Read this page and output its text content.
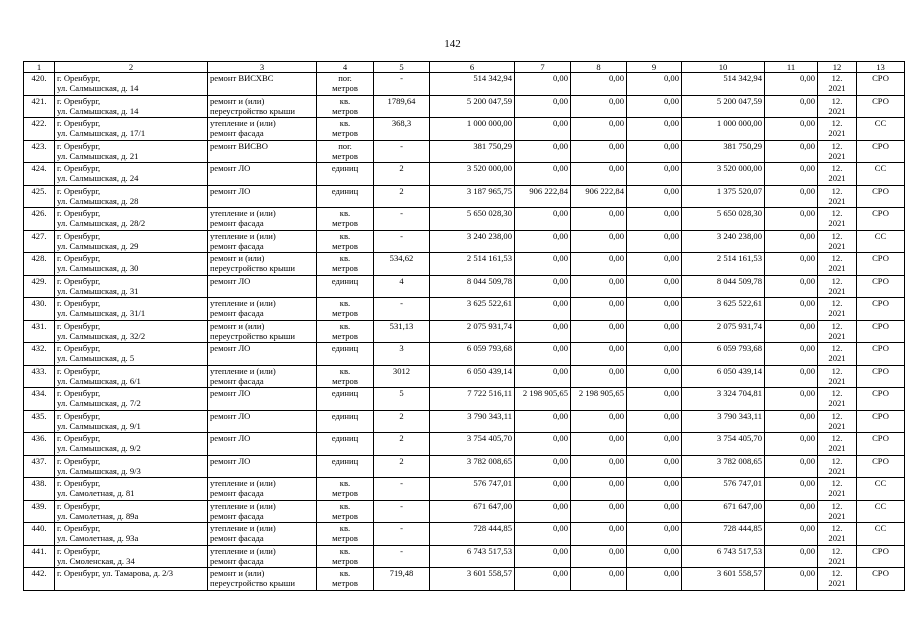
142
1	2	3	4	5	6	7	8	9	10	11	12	13

420.	г. Оренбург,
ул. Салмышская, д. 14	ремонт ВИСХВС	пог.
метров	-	514 342,94	0,00	0,00	0,00	514 342,94	0,00	12.
2021	СРО

421.	г. Оренбург,
ул. Салмышская, д. 14	ремонт и (или)
переустройство крыши	кв.
метров	1789,64	5 200 047,59	0,00	0,00	0,00	5 200 047,59	0,00	12.
2021	СРО

422.	г. Оренбург,
ул. Салмышская, д. 17/1	утепление и (или)
ремонт фасада	кв.
метров	368,3	1 000 000,00	0,00	0,00	0,00	1 000 000,00	0,00	12.
2021	СС

423.	г. Оренбург,
ул. Салмышская, д. 21	ремонт ВИСВО	пог.
метров	-	381 750,29	0,00	0,00	0,00	381 750,29	0,00	12.
2021	СРО

424.	г. Оренбург,
ул. Салмышская, д. 24	ремонт ЛО	единиц	2	3 520 000,00	0,00	0,00	0,00	3 520 000,00	0,00	12.
2021	СС

425.	г. Оренбург,
ул. Салмышская, д. 28	ремонт ЛО	единиц	2	3 187 965,75	906 222,84	906 222,84	0,00	1 375 520,07	0,00	12.
2021	СРО

426.	г. Оренбург,
ул. Салмышская, д. 28/2	утепление и (или)
ремонт фасада	кв.
метров	-	5 650 028,30	0,00	0,00	0,00	5 650 028,30	0,00	12.
2021	СРО

427.	г. Оренбург,
ул. Салмышская, д. 29	утепление и (или)
ремонт фасада	кв.
метров	-	3 240 238,00	0,00	0,00	0,00	3 240 238,00	0,00	12.
2021	СС

428.	г. Оренбург,
ул. Салмышская, д. 30	ремонт и (или)
переустройство крыши	кв.
метров	534,62	2 514 161,53	0,00	0,00	0,00	2 514 161,53	0,00	12.
2021	СРО

429.	г. Оренбург,
ул. Салмышская, д. 31	ремонт ЛО	единиц	4	8 044 509,78	0,00	0,00	0,00	8 044 509,78	0,00	12.
2021	СРО

430.	г. Оренбург,
ул. Салмышская, д. 31/1	утепление и (или)
ремонт фасада	кв.
метров	-	3 625 522,61	0,00	0,00	0,00	3 625 522,61	0,00	12.
2021	СРО

431.	г. Оренбург,
ул. Салмышская, д. 32/2	ремонт и (или)
переустройство крыши	кв.
метров	531,13	2 075 931,74	0,00	0,00	0,00	2 075 931,74	0,00	12.
2021	СРО

432.	г. Оренбург,
ул. Салмышская, д. 5	ремонт ЛО	единиц	3	6 059 793,68	0,00	0,00	0,00	6 059 793,68	0,00	12.
2021	СРО

433.	г. Оренбург,
ул. Салмышская, д. 6/1	утепление и (или)
ремонт фасада	кв.
метров	3012	6 050 439,14	0,00	0,00	0,00	6 050 439,14	0,00	12.
2021	СРО

434.	г. Оренбург,
ул. Салмышская, д. 7/2	ремонт ЛО	единиц	5	7 722 516,11	2 198 905,65	2 198 905,65	0,00	3 324 704,81	0,00	12.
2021	СРО

435.	г. Оренбург,
ул. Салмышская, д. 9/1	ремонт ЛО	единиц	2	3 790 343,11	0,00	0,00	0,00	3 790 343,11	0,00	12.
2021	СРО

436.	г. Оренбург,
ул. Салмышская, д. 9/2	ремонт ЛО	единиц	2	3 754 405,70	0,00	0,00	0,00	3 754 405,70	0,00	12.
2021	СРО

437.	г. Оренбург,
ул. Салмышская, д. 9/3	ремонт ЛО	единиц	2	3 782 008,65	0,00	0,00	0,00	3 782 008,65	0,00	12.
2021	СРО

438.	г. Оренбург,
ул. Самолетная, д. 81	утепление и (или)
ремонт фасада	кв.
метров	-	576 747,01	0,00	0,00	0,00	576 747,01	0,00	12.
2021	СС

439.	г. Оренбург,
ул. Самолетная, д. 89а	утепление и (или)
ремонт фасада	кв.
метров	-	671 647,00	0,00	0,00	0,00	671 647,00	0,00	12.
2021	СС

440.	г. Оренбург,
ул. Самолетная, д. 93а	утепление и (или)
ремонт фасада	кв.
метров	-	728 444,85	0,00	0,00	0,00	728 444,85	0,00	12.
2021	СС

441.	г. Оренбург,
ул. Смоленская, д. 34	утепление и (или)
ремонт фасада	кв.
метров	-	6 743 517,53	0,00	0,00	0,00	6 743 517,53	0,00	12.
2021	СРО

442.	г. Оренбург, ул. Тамарова, д. 2/3	ремонт и (или)
переустройство крыши	кв.
метров	719,48	3 601 558,57	0,00	0,00	0,00	3 601 558,57	0,00	12.
2021	СРО
